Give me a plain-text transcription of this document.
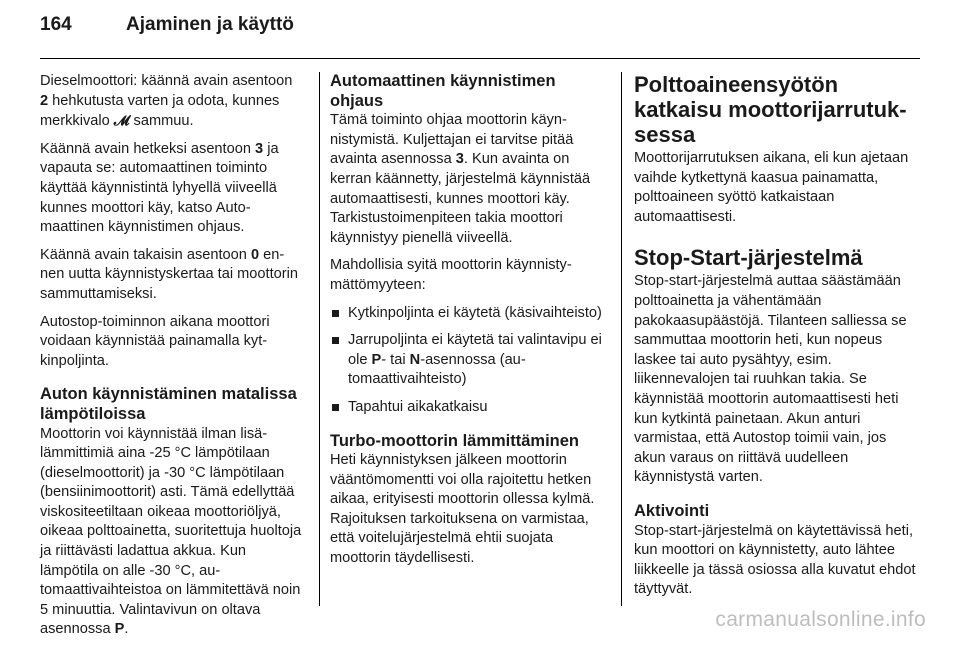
164	Ajaminen ja käyttö

Dieselmoottori: käännä avain asentoon 2 hehkutusta varten ja odota, kunnes merkkivalo 𝓜 sammuu.

Käännä avain hetkeksi asentoon 3 ja vapauta se: automaattinen toiminto käyttää käynnistintä lyhyellä viiveellä kunnes moottori käy, katso Automaattinen käynnistimen ohjaus.

Käännä avain takaisin asentoon 0 ennen uutta käynnistyskertaa tai moottorin sammuttamiseksi.

Autostop-toiminnon aikana moottori voidaan käynnistää painamalla kytkinpoljinta.

Auton käynnistäminen matalissa lämpötiloissa

Moottorin voi käynnistää ilman lisälämmittimiä aina -25 °C lämpötilaan (dieselmoottorit) ja -30 °C lämpötilaan (bensiinimoottorit) asti. Tämä edellyttää viskositeetiltaan oikeaa moottoriöljyä, oikeaa polttoainetta, suoritettuja huoltoja ja riittävästi ladattua akkua. Kun lämpötila on alle -30 °C, automaattivaihteistoa on lämmitettävä noin 5 minuuttia. Valintavivun on oltava asennossa P.

Automaattinen käynnistimen ohjaus

Tämä toiminto ohjaa moottorin käynnistymistä. Kuljettajan ei tarvitse pitää avainta asennossa 3. Kun avainta on kerran käännetty, järjestelmä käynnistää automaattisesti, kunnes moottori käy. Tarkistustoimenpiteen takia moottori käynnistyy pienellä viiveellä.

Mahdollisia syitä moottorin käynnistymättömyyteen:

Kytkinpoljinta ei käytetä (käsivaihteisto)
Jarrupoljinta ei käytetä tai valintavipu ei ole P- tai N-asennossa (automaattivaihteisto)
Tapahtui aikakatkaisu
Turbo-moottorin lämmittäminen

Heti käynnistyksen jälkeen moottorin vääntömomentti voi olla rajoitettu hetken aikaa, erityisesti moottorin ollessa kylmä. Rajoituksen tarkoituksena on varmistaa, että voitelujärjestelmä ehtii suojata moottorin täydellisesti.

Polttoaineensyötön katkaisu moottorijarrutuksessa

Moottorijarrutuksen aikana, eli kun ajetaan vaihde kytkettynä kaasua painamatta, polttoaineen syöttö katkaistaan automaattisesti.

Stop-Start-järjestelmä

Stop-start-järjestelmä auttaa säästämään polttoainetta ja vähentämään pakokaasupäästöjä. Tilanteen salliessa se sammuttaa moottorin heti, kun nopeus laskee tai auto pysähtyy, esim. liikennevalojen tai ruuhkan takia. Se käynnistää moottorin automaattisesti heti kun kytkintä painetaan. Akun anturi varmistaa, että Autostop toimii vain, jos akun varaus on riittävä uudelleen käynnistystä varten.

Aktivointi

Stop-start-järjestelmä on käytettävissä heti, kun moottori on käynnistetty, auto lähtee liikkeelle ja tässä osiossa alla kuvatut ehdot täyttyvät.

carmanualsonline.info
